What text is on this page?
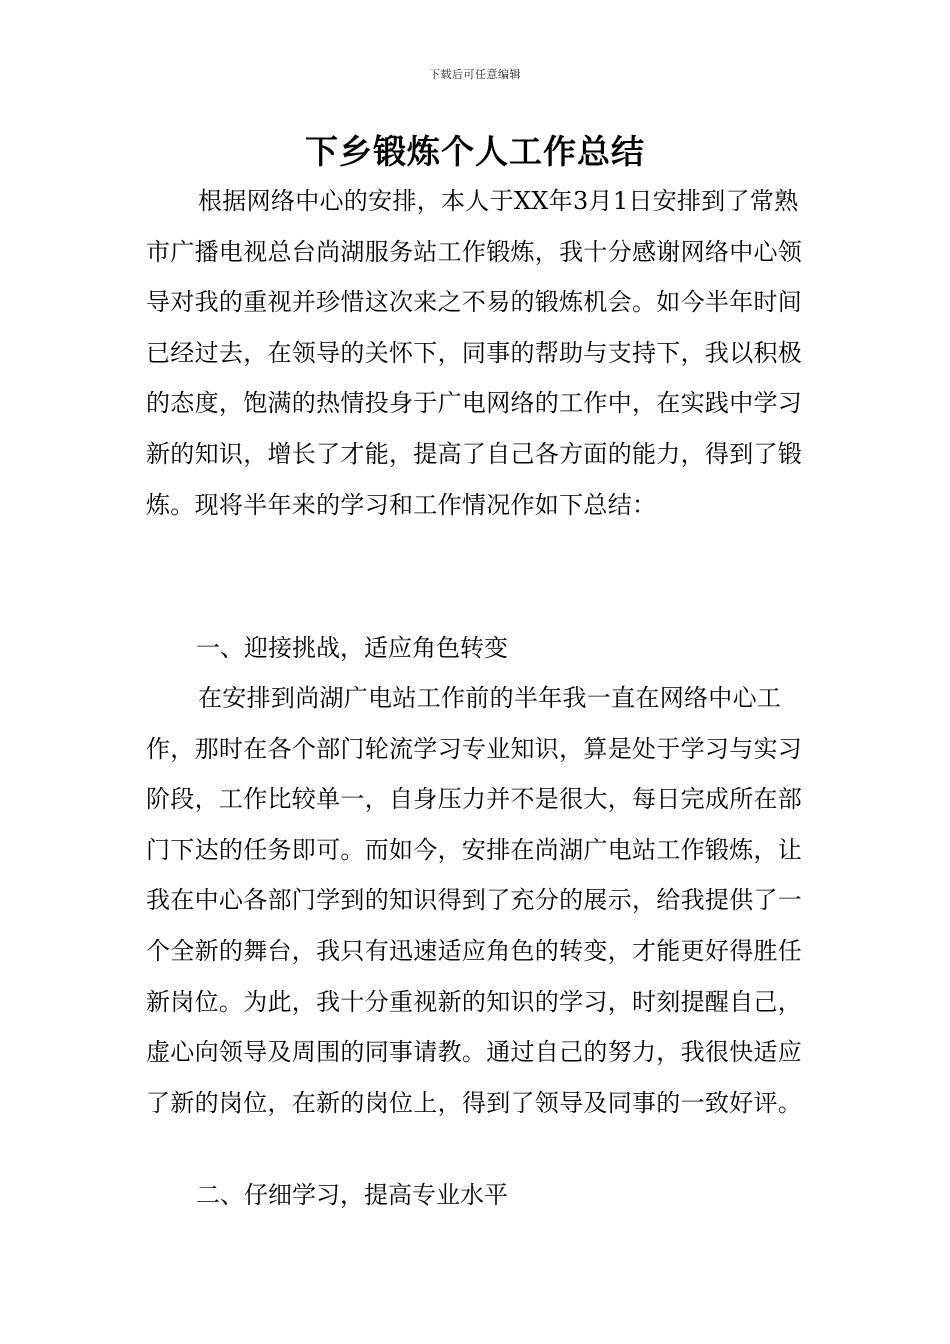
下载后可任意编辑
下乡锻炼个人工作总结
根据网络中心的安排，本人于XX年3月1日安排到了常熟市广播电视总台尚湖服务站工作锻炼，我十分感谢网络中心领导对我的重视并珍惜这次来之不易的锻炼机会。如今半年时间已经过去，在领导的关怀下，同事的帮助与支持下，我以积极的态度，饱满的热情投身于广电网络的工作中，在实践中学习新的知识，增长了才能，提高了自己各方面的能力，得到了锻炼。现将半年来的学习和工作情况作如下总结：
一、迎接挑战，适应角色转变
在安排到尚湖广电站工作前的半年我一直在网络中心工作，那时在各个部门轮流学习专业知识，算是处于学习与实习阶段，工作比较单一，自身压力并不是很大，每日完成所在部门下达的任务即可。而如今，安排在尚湖广电站工作锻炼，让我在中心各部门学到的知识得到了充分的展示，给我提供了一个全新的舞台，我只有迅速适应角色的转变，才能更好得胜任新岗位。为此，我十分重视新的知识的学习，时刻提醒自己，虚心向领导及周围的同事请教。通过自己的努力，我很快适应了新的岗位，在新的岗位上，得到了领导及同事的一致好评。
二、仔细学习，提高专业水平
